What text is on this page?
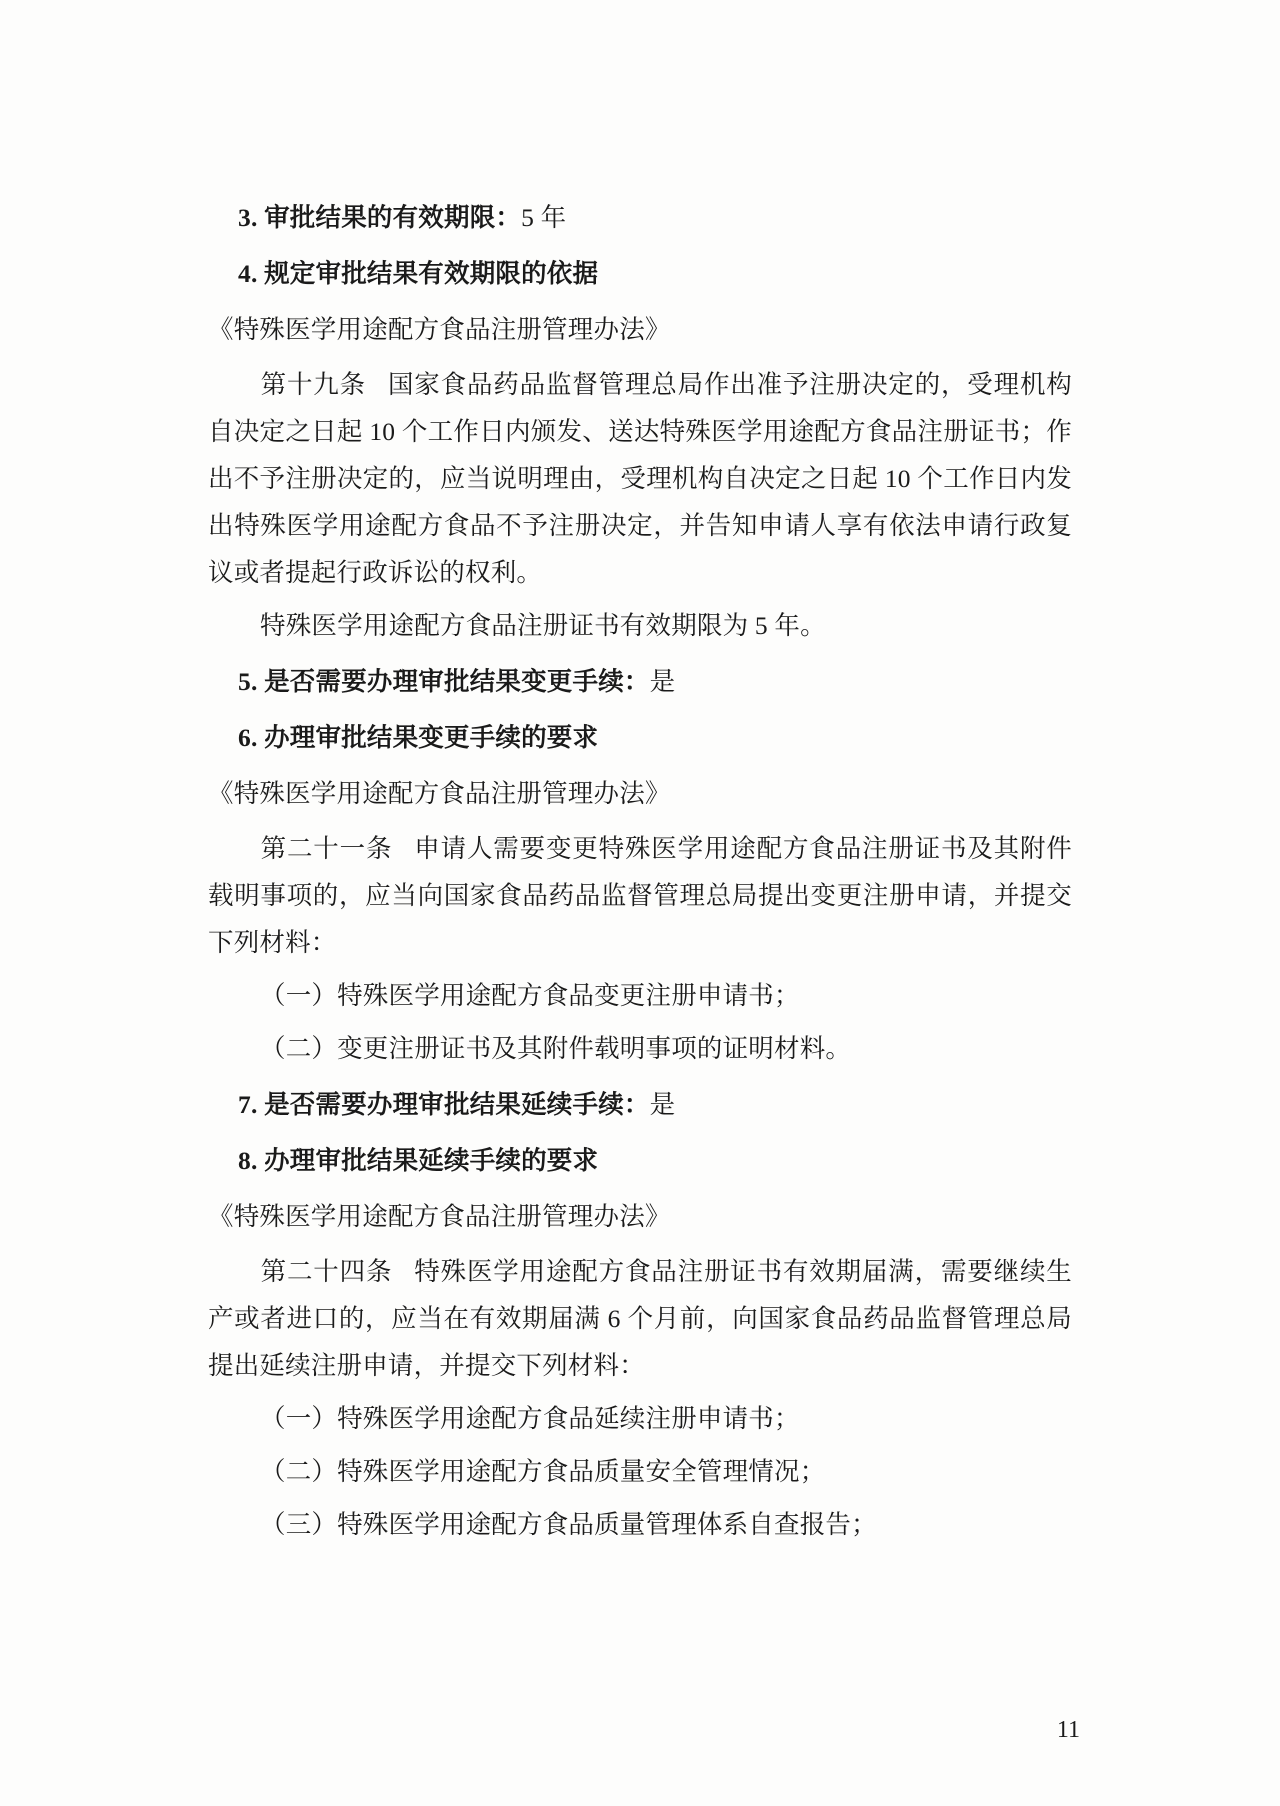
3. 审批结果的有效期限：5 年

4. 规定审批结果有效期限的依据

《特殊医学用途配方食品注册管理办法》

第十九条 国家食品药品监督管理总局作出准予注册决定的，受理机构自决定之日起 10 个工作日内颁发、送达特殊医学用途配方食品注册证书；作出不予注册决定的，应当说明理由，受理机构自决定之日起 10 个工作日内发出特殊医学用途配方食品不予注册决定，并告知申请人享有依法申请行政复议或者提起行政诉讼的权利。

特殊医学用途配方食品注册证书有效期限为 5 年。

5. 是否需要办理审批结果变更手续：是

6. 办理审批结果变更手续的要求

《特殊医学用途配方食品注册管理办法》

第二十一条 申请人需要变更特殊医学用途配方食品注册证书及其附件载明事项的，应当向国家食品药品监督管理总局提出变更注册申请，并提交下列材料：

（一）特殊医学用途配方食品变更注册申请书；

（二）变更注册证书及其附件载明事项的证明材料。

7. 是否需要办理审批结果延续手续：是

8. 办理审批结果延续手续的要求

《特殊医学用途配方食品注册管理办法》

第二十四条 特殊医学用途配方食品注册证书有效期届满，需要继续生产或者进口的，应当在有效期届满 6 个月前，向国家食品药品监督管理总局提出延续注册申请，并提交下列材料：

（一）特殊医学用途配方食品延续注册申请书；

（二）特殊医学用途配方食品质量安全管理情况；

（三）特殊医学用途配方食品质量管理体系自查报告；

11
